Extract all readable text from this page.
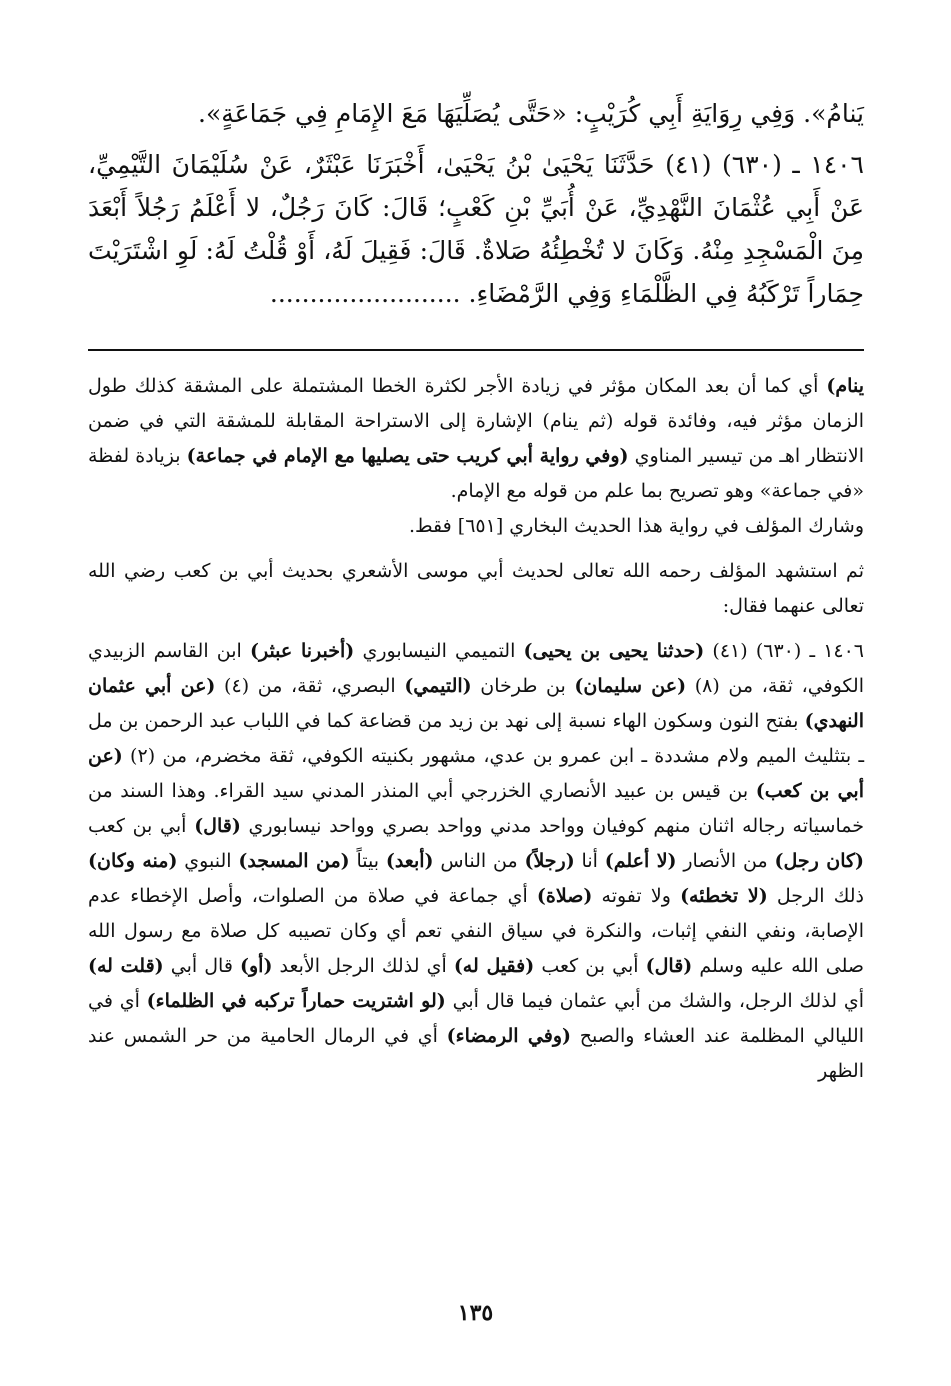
يَنامُ». وَفِي رِوَايَةِ أَبِي كُرَيْبٍ: «حَتَّى يُصَلِّيَهَا مَعَ الإِمَامِ فِي جَمَاعَةٍ».

١٤٠٦ ـ (٦٣٠) (٤١) حَدَّثَنَا يَحْيَىٰ بْنُ يَحْيَىٰ، أَخْبَرَنَا عَبْثَرٌ، عَنْ سُلَيْمَانَ التَّيْمِيِّ، عَنْ أَبِي عُثْمَانَ النَّهْدِيِّ، عَنْ أُبَيِّ بْنِ كَعْبٍ؛ قَالَ: كَانَ رَجُلٌ، لا أَعْلَمُ رَجُلاً أَبْعَدَ مِنَ الْمَسْجِدِ مِنْهُ. وَكَانَ لا تُخْطِئُهُ صَلاةٌ. قَالَ: فَقِيلَ لَهُ، أَوْ قُلْتُ لَهُ: لَوِ اشْتَرَيْتَ حِمَاراً تَرْكَبُهُ فِي الظَّلْمَاءِ وَفِي الرَّمْضَاءِ. ........................

ينام) أي كما أن بعد المكان مؤثر في زيادة الأجر لكثرة الخطا المشتملة على المشقة كذلك طول الزمان مؤثر فيه، وفائدة قوله (ثم ينام) الإشارة إلى الاستراحة المقابلة للمشقة التي في ضمن الانتظار اهـ من تيسير المناوي (وفي رواية أبي كريب حتى يصليها مع الإمام في جماعة) بزيادة لفظة «في جماعة» وهو تصريح بما علم من قوله مع الإمام.

وشارك المؤلف في رواية هذا الحديث البخاري [٦٥١] فقط.

ثم استشهد المؤلف رحمه الله تعالى لحديث أبي موسى الأشعري بحديث أبي بن كعب رضي الله تعالى عنهما فقال:

١٤٠٦ ـ (٦٣٠) (٤١) (حدثنا يحيى بن يحيى) التميمي النيسابوري (أخبرنا عبثر) ابن القاسم الزبيدي الكوفي، ثقة، من (٨) (عن سليمان) بن طرخان (التيمي) البصري، ثقة، من (٤) (عن أبي عثمان النهدي) بفتح النون وسكون الهاء نسبة إلى نهد بن زيد من قضاعة كما في اللباب عبد الرحمن بن مل ـ بتثليث الميم ولام مشددة ـ ابن عمرو بن عدي، مشهور بكنيته الكوفي، ثقة مخضرم، من (٢) (عن أبي بن كعب) بن قيس بن عبيد الأنصاري الخزرجي أبي المنذر المدني سيد القراء. وهذا السند من خماسياته رجاله اثنان منهم كوفيان وواحد مدني وواحد بصري وواحد نيسابوري (قال) أبي بن كعب (كان رجل) من الأنصار (لا أعلم) أنا (رجلاً) من الناس (أبعد) بيتاً (من المسجد) النبوي (منه وكان) ذلك الرجل (لا تخطئه) ولا تفوته (صلاة) أي جماعة في صلاة من الصلوات، وأصل الإخطاء عدم الإصابة، ونفي النفي إثبات، والنكرة في سياق النفي تعم أي وكان تصيبه كل صلاة مع رسول الله صلى الله عليه وسلم (قال) أبي بن كعب (فقيل له) أي لذلك الرجل الأبعد (أو) قال أبي (قلت له) أي لذلك الرجل، والشك من أبي عثمان فيما قال أبي (لو اشتريت حماراً تركبه في الظلماء) أي في الليالي المظلمة عند العشاء والصبح (وفي الرمضاء) أي في الرمال الحامية من حر الشمس عند الظهر

١٣٥
